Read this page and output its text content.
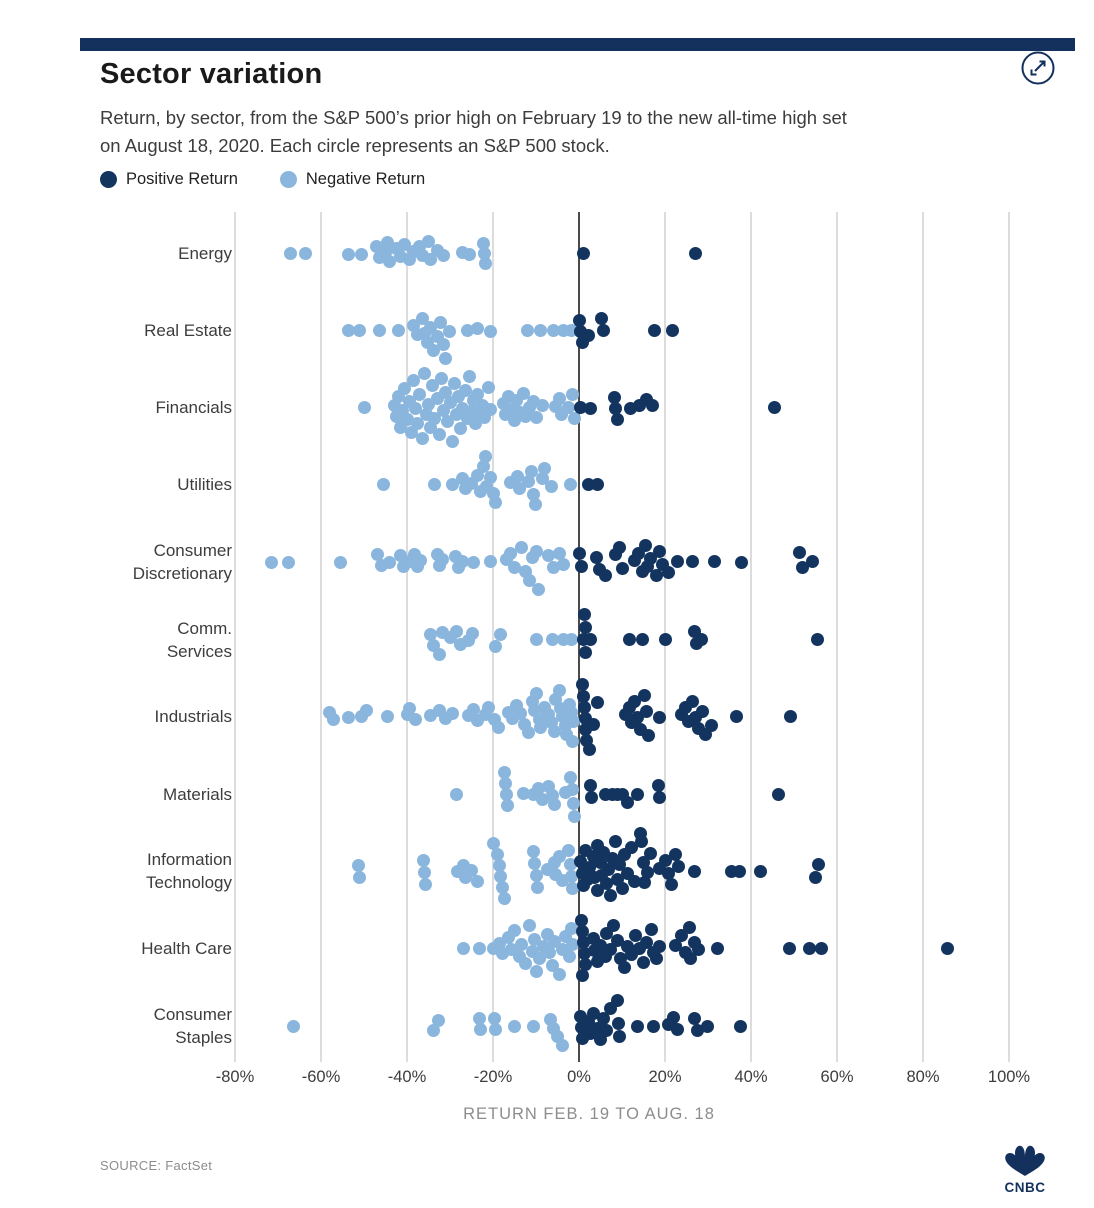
Sector variation
Return, by sector, from the S&P 500’s prior high on February 19 to the new all-time high set
on August 18, 2020. Each circle represents an S&P 500 stock.
Positive Return	Negative Return
-80%	-60%	-40%	-20%	0%	20%	40%	60%	80%	100%
Energy
Real Estate
Financials
Utilities
Consumer
Discretionary
Comm.
Services
Industrials
Materials
Information
Technology
Health Care
Consumer
Staples
RETURN FEB. 19 TO AUG. 18
SOURCE: FactSet
CNBC
